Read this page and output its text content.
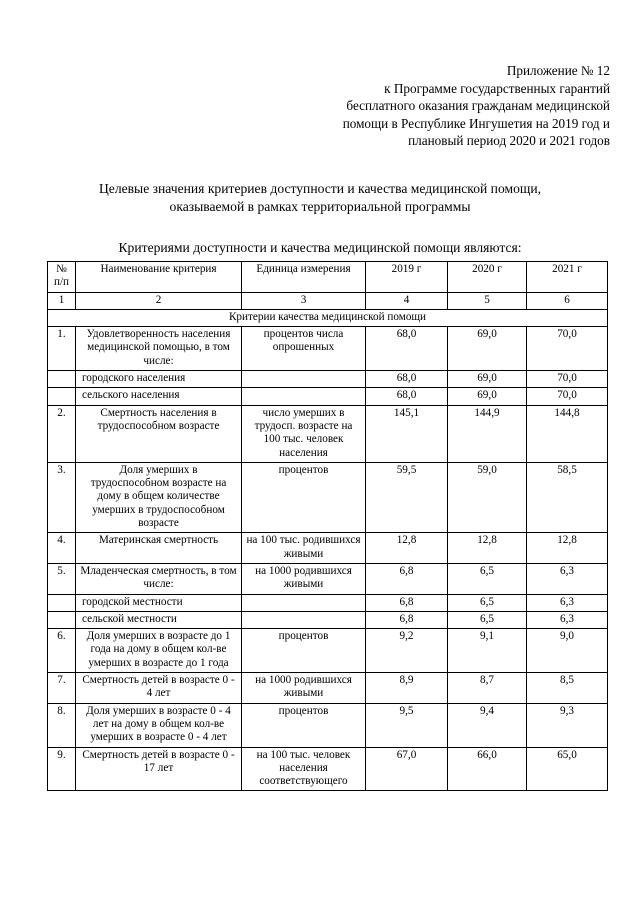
Приложение № 12
к Программе государственных гарантий
бесплатного оказания гражданам медицинской
помощи в Республике Ингушетия на 2019 год и
плановый период 2020 и 2021 годов
Целевые значения критериев доступности и качества медицинской помощи,
оказываемой в рамках территориальной программы
Критериями доступности и качества медицинской помощи являются:
№ п/п	Наименование критерия	Единица измерения	2019 г	2020 г	2021 г
1	2	3	4	5	6
Критерии качества медицинской помощи					
1.	Удовлетворенность населения медицинской помощью, в том числе:	процентов числа опрошенных	68,0	69,0	70,0
	городского населения		68,0	69,0	70,0
	сельского населения		68,0	69,0	70,0
2.	Смертность населения в трудоспособном возрасте	число умерших в трудосп. возрасте на 100 тыс. человек населения	145,1	144,9	144,8
3.	Доля умерших в трудоспособном возрасте на дому в общем количестве умерших в трудоспособном возрасте	процентов	59,5	59,0	58,5
4.	Материнская смертность	на 100 тыс. родившихся живыми	12,8	12,8	12,8
5.	Младенческая смертность, в том числе:	на 1000 родившихся живыми	6,8	6,5	6,3
	городской местности		6,8	6,5	6,3
	сельской местности		6,8	6,5	6,3
6.	Доля умерших в возрасте до 1 года на дому в общем кол-ве умерших в возрасте до 1 года	процентов	9,2	9,1	9,0
7.	Смертность детей в возрасте 0 - 4 лет	на 1000 родившихся живыми	8,9	8,7	8,5
8.	Доля умерших в возрасте 0 - 4 лет на дому в общем кол-ве умерших в возрасте 0 - 4 лет	процентов	9,5	9,4	9,3
9.	Смертность детей в возрасте 0 - 17 лет	на 100 тыс. человек населения соответствующего	67,0	66,0	65,0
